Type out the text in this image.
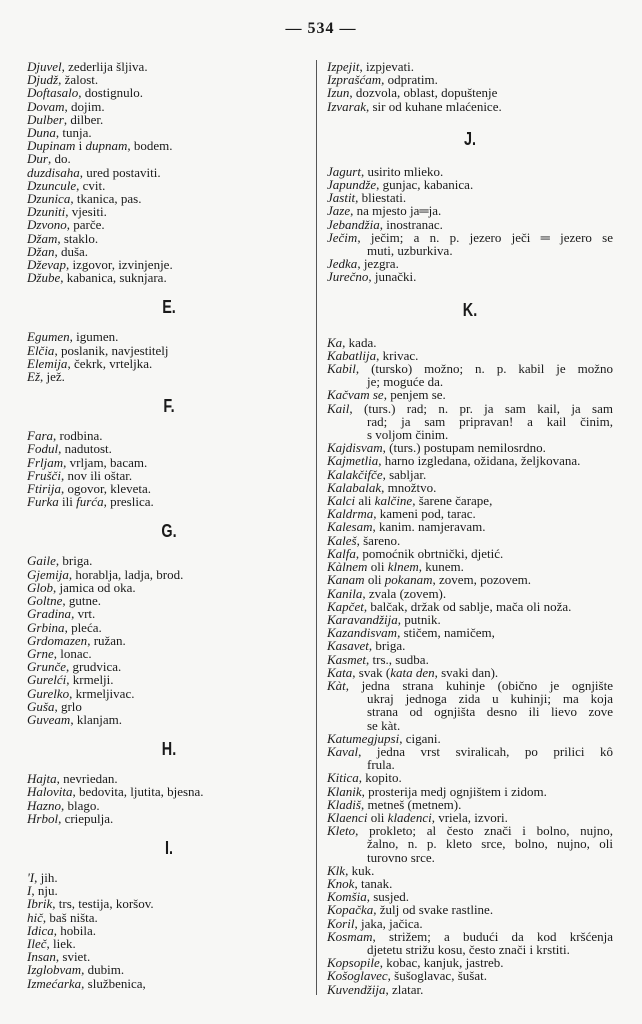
— 534 —
Djuvel, zederlija šljiva.
Djudž, žalost.
Doftasalo, dostignulo.
Dovam, dojim.
Dulber, dilber.
Duna, tunja.
Dupinam i dupnam, bodem.
Dur, do.
duzdisaha, ured postaviti.
Dzuncule, cvit.
Dzunica, tkanica, pas.
Dzuniti, vjesiti.
Dzvono, parče.
Džam, staklo.
Džan, duša.
Dževap, izgovor, izvinjenje.
Džube, kabanica, suknjara.
E.
Egumen, igumen.
Elčia, poslanik, navjestitelj
Elemija, čekrk, vrteljka.
Ež, jež.
F.
Fara, rodbina.
Fodul, nadutost.
Frljam, vrljam, bacam.
Frušči, nov ili oštar.
Ftirija, ogovor, kleveta.
Furka ili furća, preslica.
G.
Gaile, briga.
Gjemija, horablja, ladja, brod.
Glob, jamica od oka.
Goltne, gutne.
Gradina, vrt.
Grbina, pleća.
Grdomazen, ružan.
Grne, lonac.
Grunče, grudvica.
Gurelći, krmelji.
Gurelko, krmeljivac.
Guša, grlo
Guveam, klanjam.
H.
Hajta, nevriedan.
Halovita, bedovita, ljutita, bjesna.
Hazno, blago.
Hrbol, criepulja.
I.
'I, jih.
I, nju.
Ibrik, trs, testija, koršov.
hič, baš ništa.
Idica, hobila.
Ileč, liek.
Insan, sviet.
Izglobvam, dubim.
Izmećarka, službenica,
Izpejit, izpjevati.
Izprašćam, odpratim.
Izun, dozvola, oblast, dopuštenje
Izvarak, sir od kuhane mlaćenice.
J.
Jagurt, usirito mlieko.
Japundže, gunjac, kabanica.
Jastit, bliestati.
Jaze, na mjesto ja═ja.
Jebandžia, inostranac.
Ječim, ječim; a n. p. jezero ječi ═ jezero se
muti, uzburkiva.
Jedka, jezgra.
Jurečno, junački.
K.
Ka, kada.
Kabatlija, krivac.
Kabil, (tursko) možno; n. p. kabil je možno
je; moguće da.
Kačvam se, penjem se.
Kail, (turs.) rad; n. pr. ja sam kail, ja sam
rad; ja sam pripravan! a kail činim,
s voljom činim.
Kajdisvam, (turs.) postupam nemilosrdno.
Kajmetlia, harno izgledana, ožidana, željkovana.
Kalakčifče, sabljar.
Kalabalak, množtvo.
Kalci ali kalčine, šarene čarape,
Kaldrma, kameni pod, tarac.
Kalesam, kanim. namjeravam.
Kaleš, šareno.
Kalfa, pomoćnik obrtnički, djetić.
Kàlnem oli klnem, kunem.
Kanam oli pokanam, zovem, pozovem.
Kanila, zvala (zovem).
Kapčet, balčak, držak od sablje, mača oli noža.
Karavandžija, putnik.
Kazandisvam, stičem, namičem,
Kasavet, briga.
Kasmet, trs., sudba.
Kata, svak (kata den, svaki dan).
Kàt, jedna strana kuhinje (obično je ognjište
ukraj jednoga zida u kuhinji; ma koja
strana od ognjišta desno ili lievo zove
se kàt.
Katumegjupsi, cigani.
Kaval, jedna vrst sviralicah, po prilici kô
frula.
Kitica, kopito.
Klanik, prosterija medj ognjištem i zidom.
Kladiš, metneš (metnem).
Klaenci oli kladenci, vriela, izvori.
Kleto, prokleto; al često znači i bolno, nujno,
žalno, n. p. kleto srce, bolno, nujno, oli
turovno srce.
Klk, kuk.
Knok, tanak.
Komšia, susjed.
Kopačka, žulj od svake rastline.
Koril, jaka, jačica.
Kosmam, strižem; a budući da kod kršćenja
djetetu strižu kosu, često znači i krstiti.
Kopsopile, kobac, kanjuk, jastreb.
Košoglavec, šušoglavac, šušat.
Kuvendžija, zlatar.
